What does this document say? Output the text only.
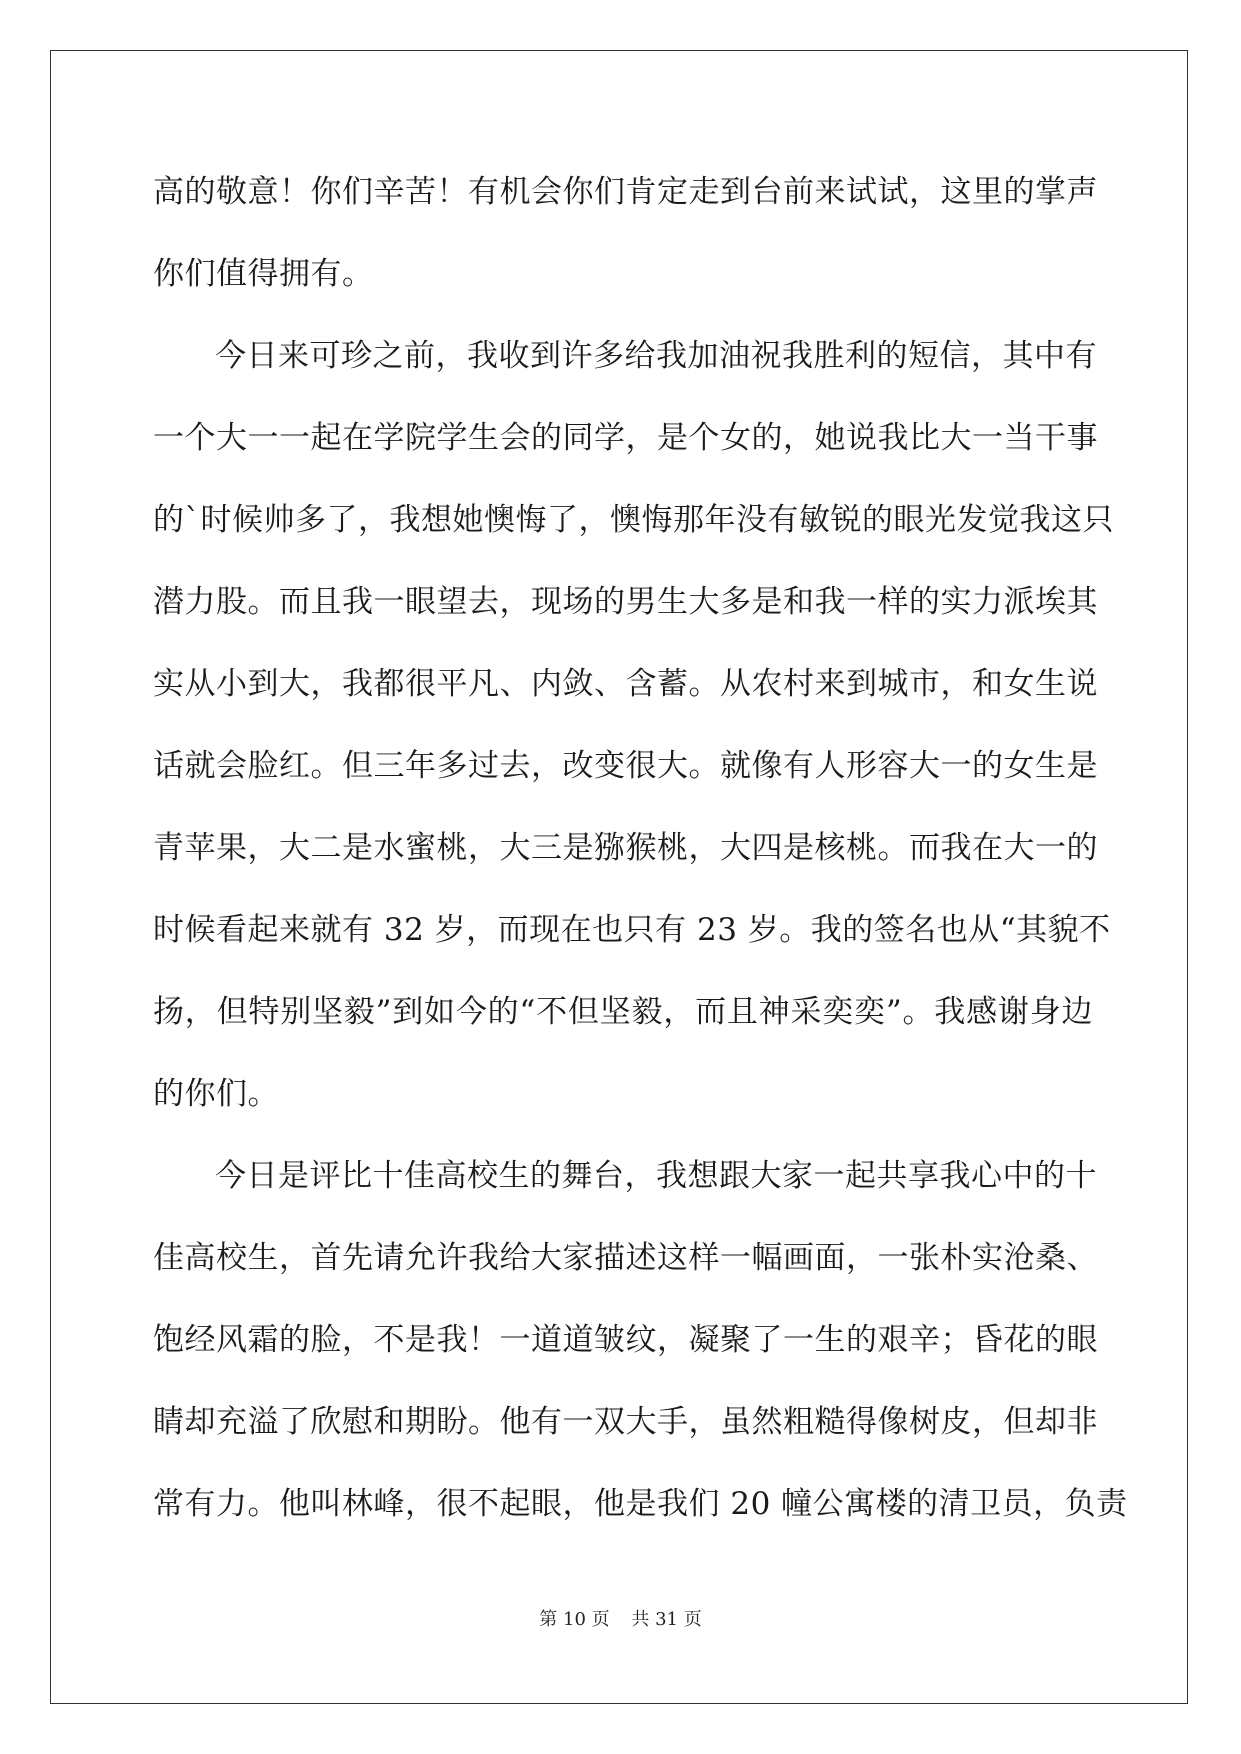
高的敬意！你们辛苦！有机会你们肯定走到台前来试试，这里的掌声
你们值得拥有。
今日来可珍之前，我收到许多给我加油祝我胜利的短信，其中有
一个大一一起在学院学生会的同学，是个女的，她说我比大一当干事
的`时候帅多了，我想她懊悔了，懊悔那年没有敏锐的眼光发觉我这只
潜力股。而且我一眼望去，现场的男生大多是和我一样的实力派埃其
实从小到大，我都很平凡、内敛、含蓄。从农村来到城市，和女生说
话就会脸红。但三年多过去，改变很大。就像有人形容大一的女生是
青苹果，大二是水蜜桃，大三是猕猴桃，大四是核桃。而我在大一的
时候看起来就有 32 岁，而现在也只有 23 岁。我的签名也从“其貌不
扬，但特别坚毅”到如今的“不但坚毅，而且神采奕奕”。我感谢身边
的你们。
今日是评比十佳高校生的舞台，我想跟大家一起共享我心中的十
佳高校生，首先请允许我给大家描述这样一幅画面，一张朴实沧桑、
饱经风霜的脸，不是我！一道道皱纹，凝聚了一生的艰辛；昏花的眼
睛却充溢了欣慰和期盼。他有一双大手，虽然粗糙得像树皮，但却非
常有力。他叫林峰，很不起眼，他是我们 20 幢公寓楼的清卫员，负责
第 10 页 共 31 页
